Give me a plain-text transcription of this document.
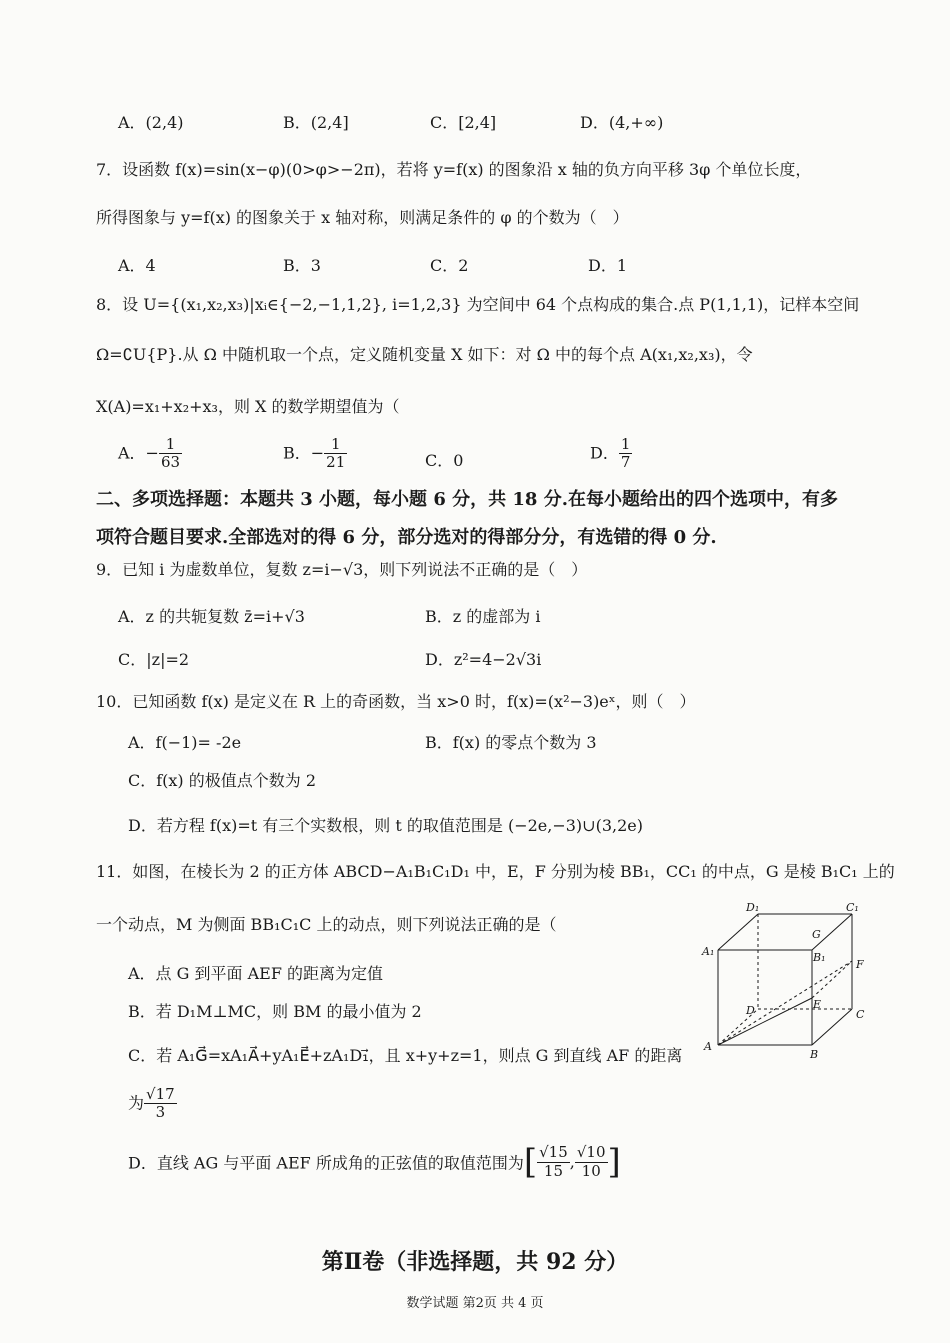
A．(2,4)	B．(2,4]	C．[2,4]	D．(4,+∞)
7．设函数 f(x)=sin(x−φ)(0>φ>−2π)，若将 y=f(x) 的图象沿 x 轴的负方向平移 3φ 个单位长度，
所得图象与 y=f(x) 的图象关于 x 轴对称，则满足条件的 φ 的个数为（　）
A．4	B．3	C．2	D．1
8．设 U={(x₁,x₂,x₃)|xᵢ∈{−2,−1,1,2}, i=1,2,3} 为空间中 64 个点构成的集合.点 P(1,1,1)，记样本空间
Ω=∁U{P}.从 Ω 中随机取一个点，定义随机变量 X 如下：对 Ω 中的每个点 A(x₁,x₂,x₃)，令
X(A)=x₁+x₂+x₃，则 X 的数学期望值为（
A．− $\frac{1}{63}$	B．− $\frac{1}{21}$	C．0	D． $\frac{1}{7}$
二、多项选择题：本题共 3 小题，每小题 6 分，共 18 分.在每小题给出的四个选项中，有多
项符合题目要求.全部选对的得 6 分，部分选对的得部分分，有选错的得 0 分.
9．已知 i 为虚数单位，复数 z=i−√3，则下列说法不正确的是（　）
A．z 的共轭复数 z̄=i+√3	B．z 的虚部为 i
C．|z|=2	D．z²=4−2√3i
10．已知函数 f(x) 是定义在 R 上的奇函数，当 x>0 时，f(x)=(x²−3)eˣ，则（　）
A．f(−1)= -2e	B．f(x) 的零点个数为 3
C．f(x) 的极值点个数为 2
D．若方程 f(x)=t 有三个实数根，则 t 的取值范围是 (−2e,−3)∪(3,2e)
11．如图，在棱长为 2 的正方体 ABCD−A₁B₁C₁D₁ 中，E，F 分别为棱 BB₁，CC₁ 的中点，G 是棱 B₁C₁ 上的
一个动点，M 为侧面 BB₁C₁C 上的动点，则下列说法正确的是（
A．点 G 到平面 AEF 的距离为定值
B．若 D₁M⊥MC，则 BM 的最小值为 2
C．若 A₁G⃗=xA₁A⃗+yA₁E⃗+zA₁D₁⃗，且 x+y+z=1，则点 G 到直线 AF 的距离
为 $\frac{√17}{3}$
D．直线 AG 与平面 AEF 所成角的正弦值的取值范围为[ $\frac{√15}{15}$ , $\frac{√10}{10}$ ]
D₁	C₁
G
A₁	B₁
F
D	E
C
A
B
第Ⅱ卷（非选择题，共 92 分）
数学试题 第2页 共 4 页
